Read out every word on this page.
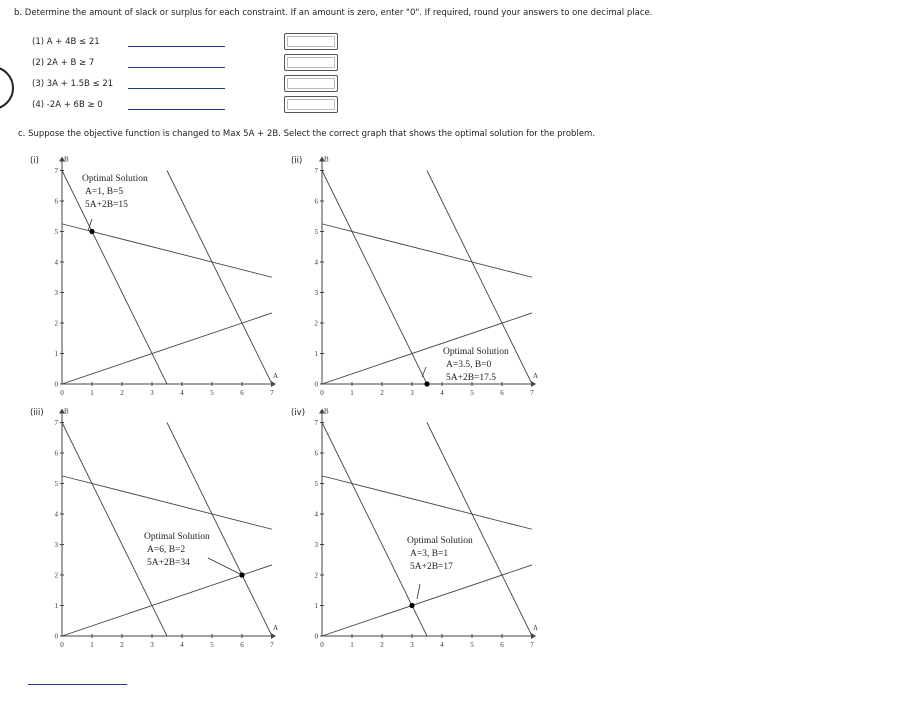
b. Determine the amount of slack or surplus for each constraint. If an amount is zero, enter "0". If required, round your answers to one decimal place.
(1) A + 4B ≤ 21
(2) 2A + B ≥ 7
(3) 3A + 1.5B ≤ 21
(4) -2A + 6B ≥ 0
c. Suppose the objective function is changed to Max 5A + 2B. Select the correct graph that shows the optimal solution for the problem.
(i)	(ii)
(iii)	(iv)
A
B
0	1	2	3	4	5	6	7
0
1
2
3
4
5
6
7
Optimal Solution
A=1, B=5
5A+2B=15
A
B
0	1	2	3	4	5	6	7
0
1
2
3
4
5
6
7
Optimal Solution
A=3.5, B=0
5A+2B=17.5
A
B
0	1	2	3	4	5	6	7
0
1
2
3
4
5
6
7
Optimal Solution
A=6, B=2
5A+2B=34
A
B
0	1	2	3	4	5	6	7
0
1
2
3
4
5
6
7
Optimal Solution
A=3, B=1
5A+2B=17
